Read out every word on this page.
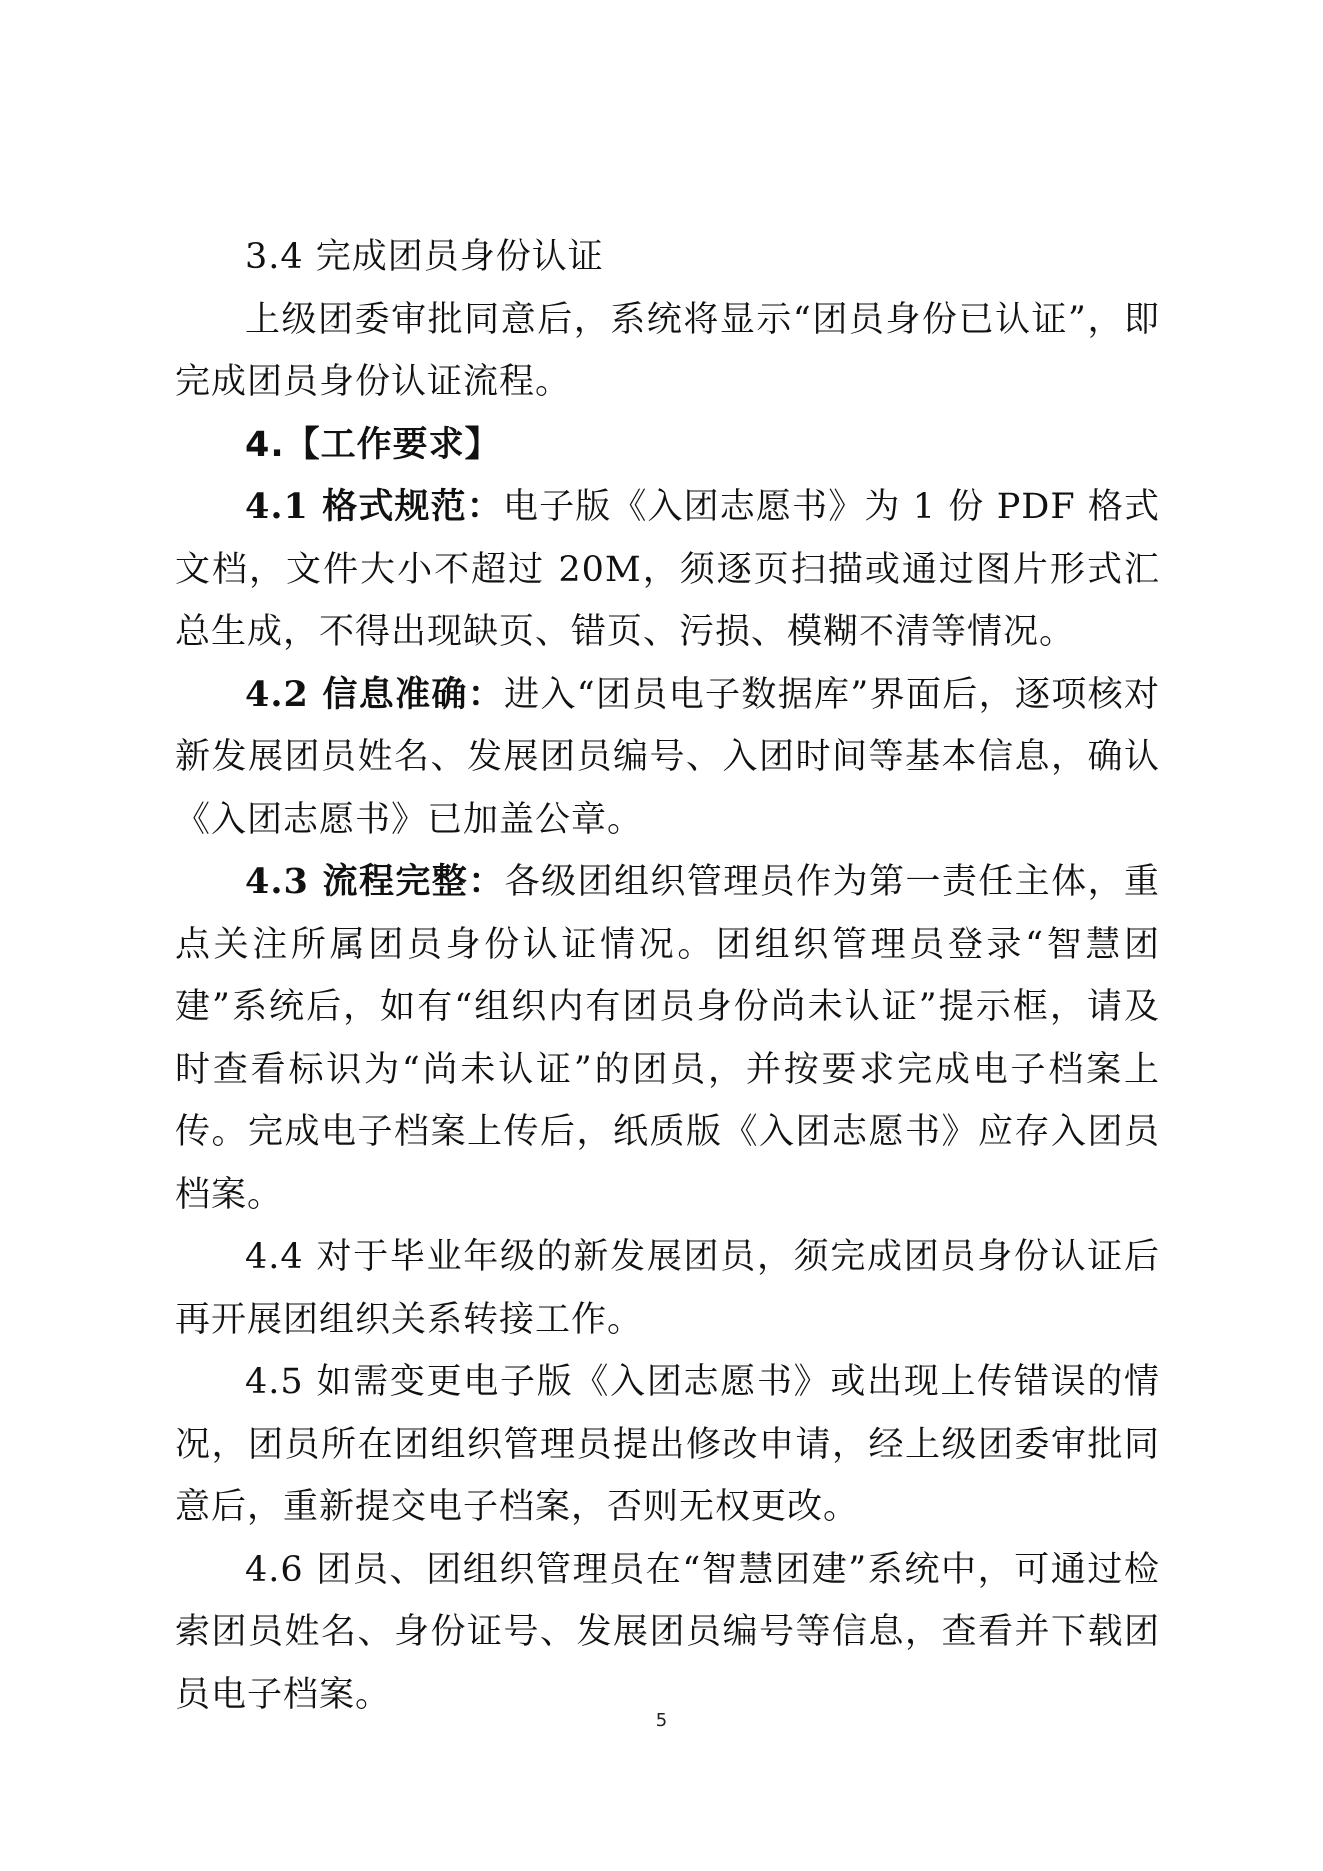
3.4 完成团员身份认证

上级团委审批同意后，系统将显示“团员身份已认证”，即完成团员身份认证流程。

4.【工作要求】

4.1 格式规范：电子版《入团志愿书》为 1 份 PDF 格式文档，文件大小不超过 20M，须逐页扫描或通过图片形式汇总生成，不得出现缺页、错页、污损、模糊不清等情况。

4.2 信息准确：进入“团员电子数据库”界面后，逐项核对新发展团员姓名、发展团员编号、入团时间等基本信息，确认《入团志愿书》已加盖公章。

4.3 流程完整：各级团组织管理员作为第一责任主体，重点关注所属团员身份认证情况。团组织管理员登录“智慧团建”系统后，如有“组织内有团员身份尚未认证”提示框，请及时查看标识为“尚未认证”的团员，并按要求完成电子档案上传。完成电子档案上传后，纸质版《入团志愿书》应存入团员档案。

4.4 对于毕业年级的新发展团员，须完成团员身份认证后再开展团组织关系转接工作。

4.5 如需变更电子版《入团志愿书》或出现上传错误的情况，团员所在团组织管理员提出修改申请，经上级团委审批同意后，重新提交电子档案，否则无权更改。

4.6 团员、团组织管理员在“智慧团建”系统中，可通过检索团员姓名、身份证号、发展团员编号等信息，查看并下载团员电子档案。

5
